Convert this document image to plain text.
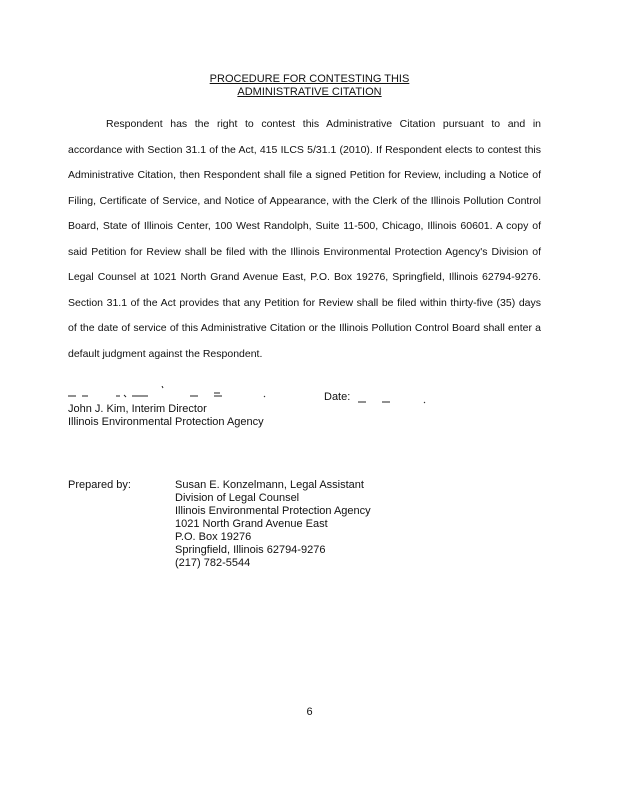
PROCEDURE FOR CONTESTING THIS
ADMINISTRATIVE CITATION

Respondent has the right to contest this Administrative Citation pursuant to and in accordance with Section 31.1 of the Act, 415 ILCS 5/31.1 (2010). If Respondent elects to contest this Administrative Citation, then Respondent shall file a signed Petition for Review, including a Notice of Filing, Certificate of Service, and Notice of Appearance, with the Clerk of the Illinois Pollution Control Board, State of Illinois Center, 100 West Randolph, Suite 11-500, Chicago, Illinois 60601. A copy of said Petition for Review shall be filed with the Illinois Environmental Protection Agency's Division of Legal Counsel at 1021 North Grand Avenue East, P.O. Box 19276, Springfield, Illinois 62794-9276. Section 31.1 of the Act provides that any Petition for Review shall be filed within thirty-five (35) days of the date of service of this Administrative Citation or the Illinois Pollution Control Board shall enter a default judgment against the Respondent.

Date:
John J. Kim, Interim Director
Illinois Environmental Protection Agency
Prepared by:	Susan E. Konzelmann, Legal Assistant
Division of Legal Counsel
Illinois Environmental Protection Agency
1021 North Grand Avenue East
P.O. Box 19276
Springfield, Illinois 62794-9276
(217) 782-5544
6
